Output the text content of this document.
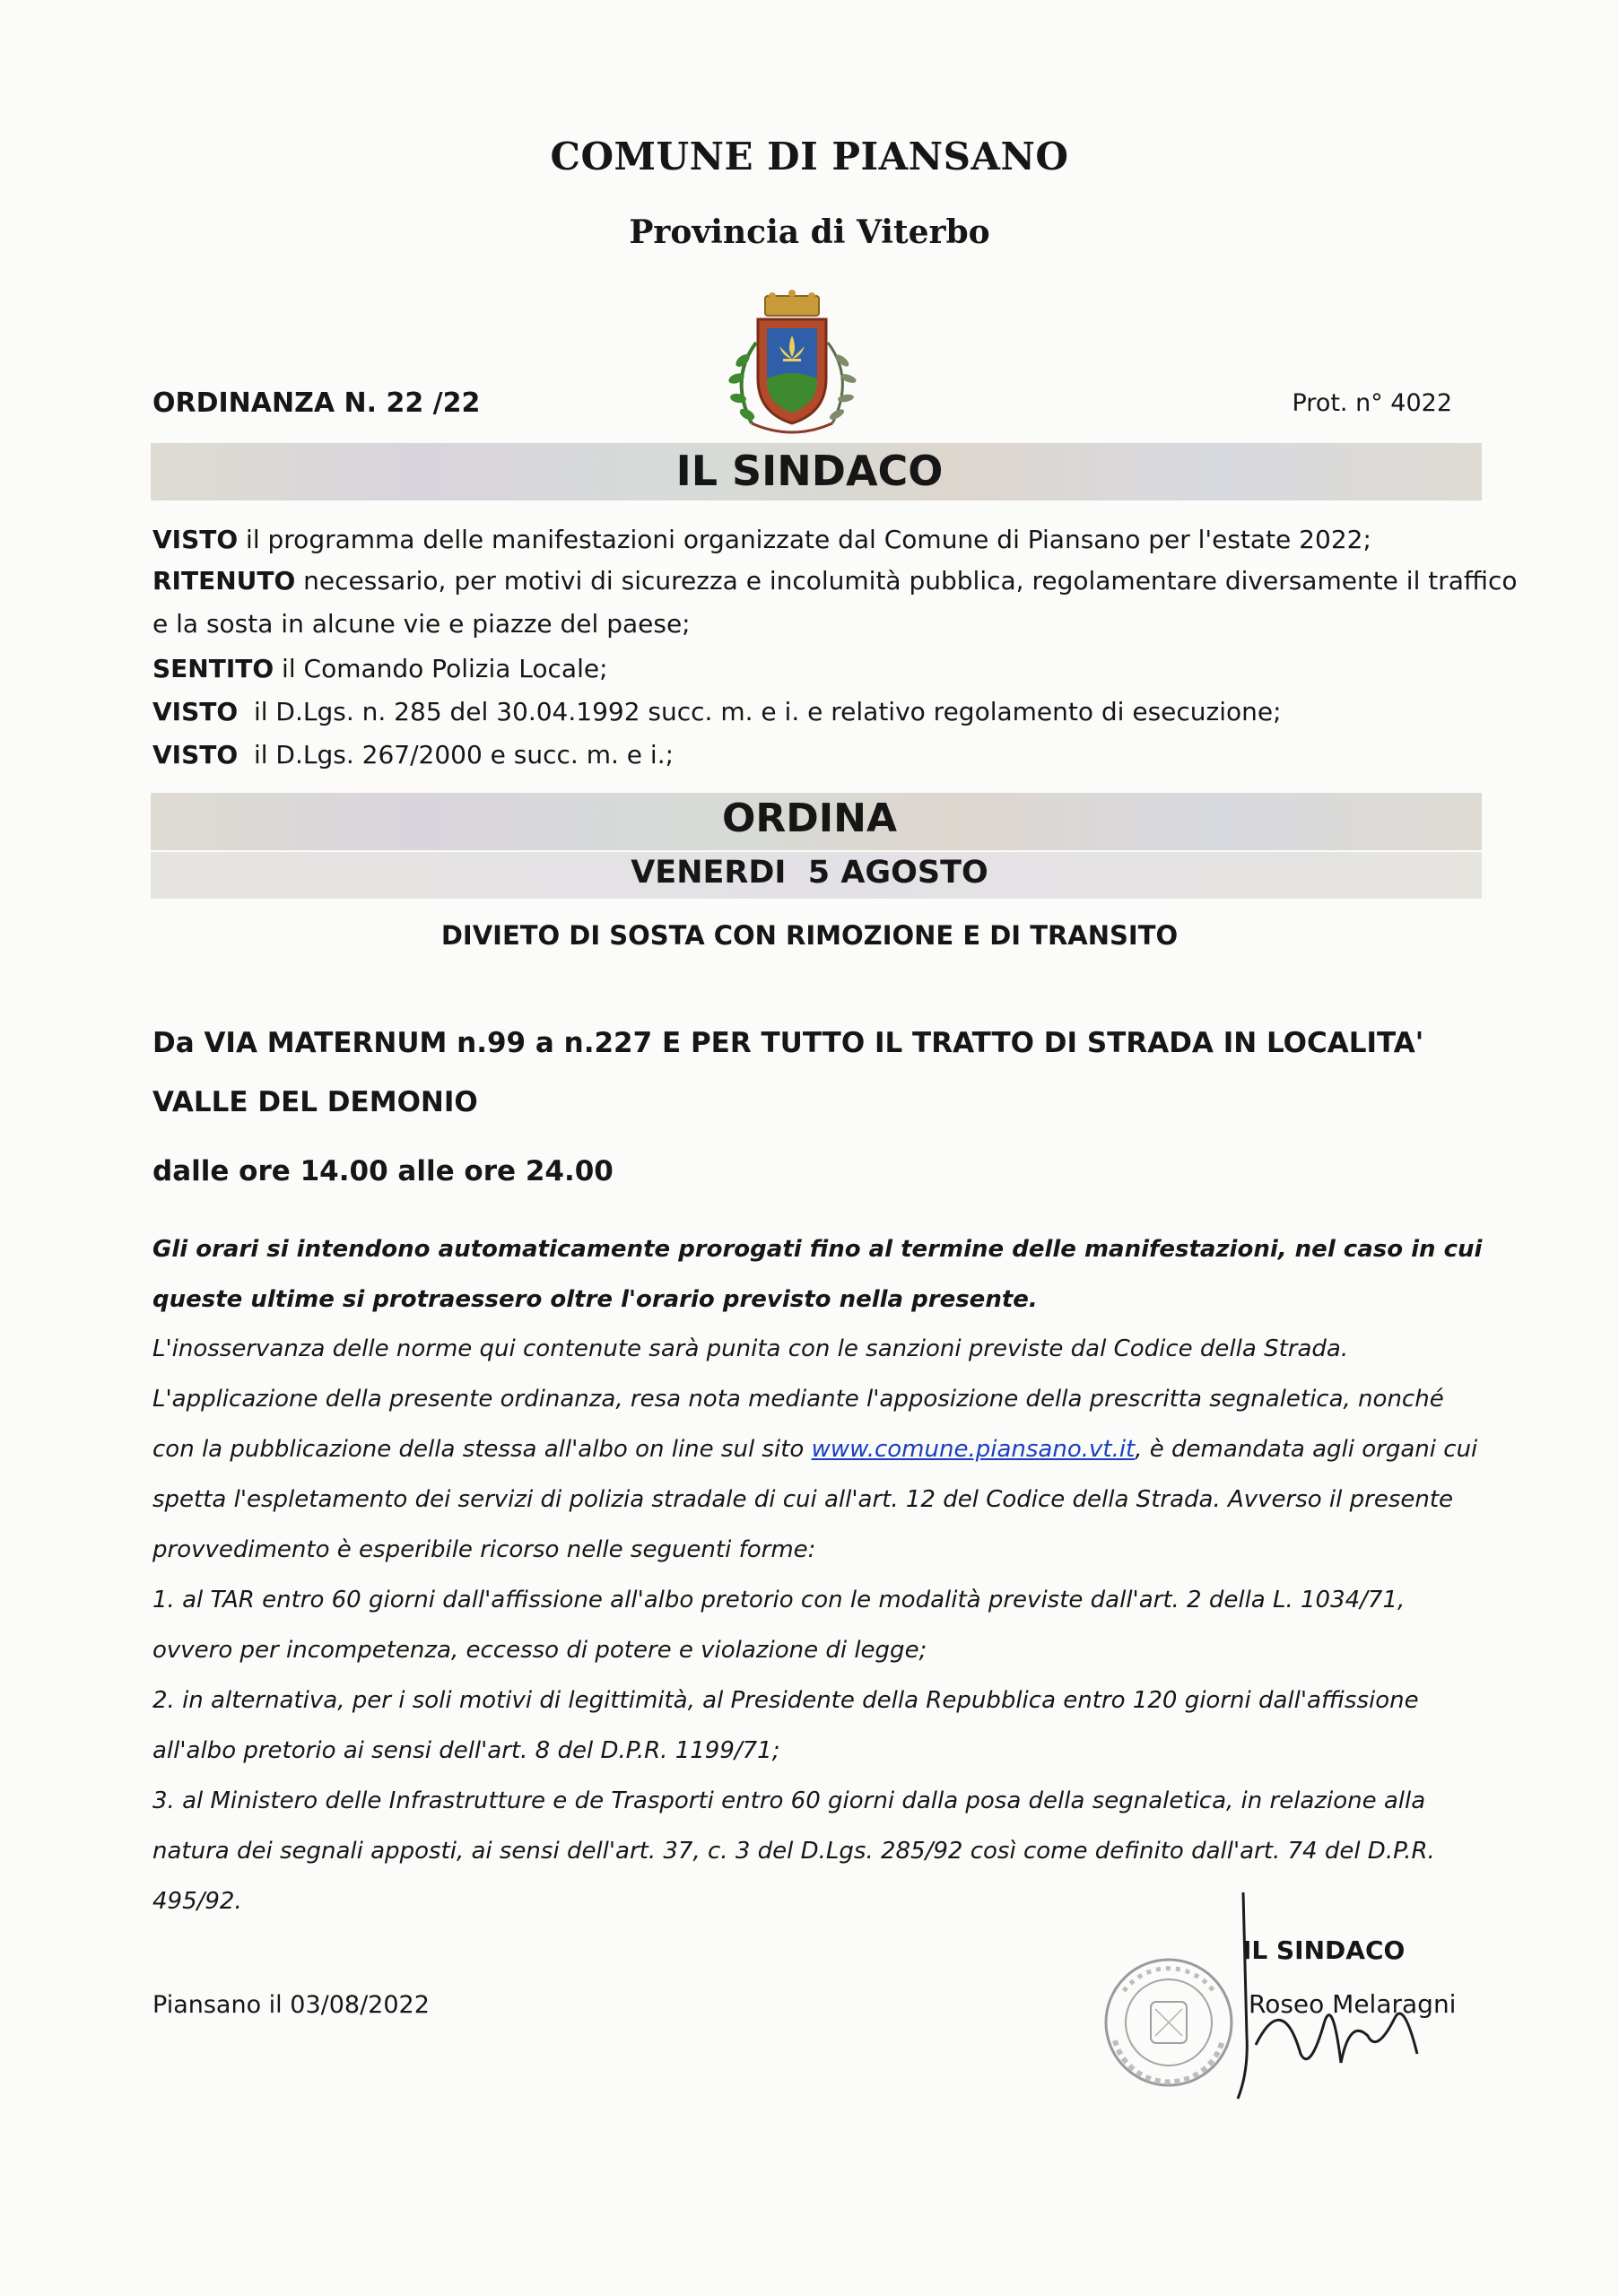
COMUNE DI PIANSANO
Provincia di Viterbo
ORDINANZA N. 22 /22	Prot. n° 4022
IL SINDACO
VISTO il programma delle manifestazioni organizzate dal Comune di Piansano per l'estate 2022;
RITENUTO necessario, per motivi di sicurezza e incolumità pubblica, regolamentare diversamente il traffico
e la sosta in alcune vie e piazze del paese;
SENTITO il Comando Polizia Locale;
VISTO  il D.Lgs. n. 285 del 30.04.1992 succ. m. e i. e relativo regolamento di esecuzione;
VISTO  il D.Lgs. 267/2000 e succ. m. e i.;
ORDINA
VENERDI  5 AGOSTO
DIVIETO DI SOSTA CON RIMOZIONE E DI TRANSITO
Da VIA MATERNUM n.99 a n.227 E PER TUTTO IL TRATTO DI STRADA IN LOCALITA' VALLE DEL DEMONIO
dalle ore 14.00 alle ore 24.00
Gli orari si intendono automaticamente prorogati fino al termine delle manifestazioni, nel caso in cui queste ultime si protraessero oltre l'orario previsto nella presente.
L'inosservanza delle norme qui contenute sarà punita con le sanzioni previste dal Codice della Strada. L'applicazione della presente ordinanza, resa nota mediante l'apposizione della prescritta segnaletica, nonché con la pubblicazione della stessa all'albo on line sul sito www.comune.piansano.vt.it, è demandata agli organi cui spetta l'espletamento dei servizi di polizia stradale di cui all'art. 12 del Codice della Strada. Avverso il presente provvedimento è esperibile ricorso nelle seguenti forme:
1. al TAR entro 60 giorni dall'affissione all'albo pretorio con le modalità previste dall'art. 2 della L. 1034/71, ovvero per incompetenza, eccesso di potere e violazione di legge;
2. in alternativa, per i soli motivi di legittimità, al Presidente della Repubblica entro 120 giorni dall'affissione all'albo pretorio ai sensi dell'art. 8 del D.P.R. 1199/71;
3. al Ministero delle Infrastrutture e de Trasporti entro 60 giorni dalla posa della segnaletica, in relazione alla natura dei segnali apposti, ai sensi dell'art. 37, c. 3 del D.Lgs. 285/92 così come definito dall'art. 74 del D.P.R. 495/92.
Piansano il 03/08/2022
IL SINDACO
Roseo Melaragni
